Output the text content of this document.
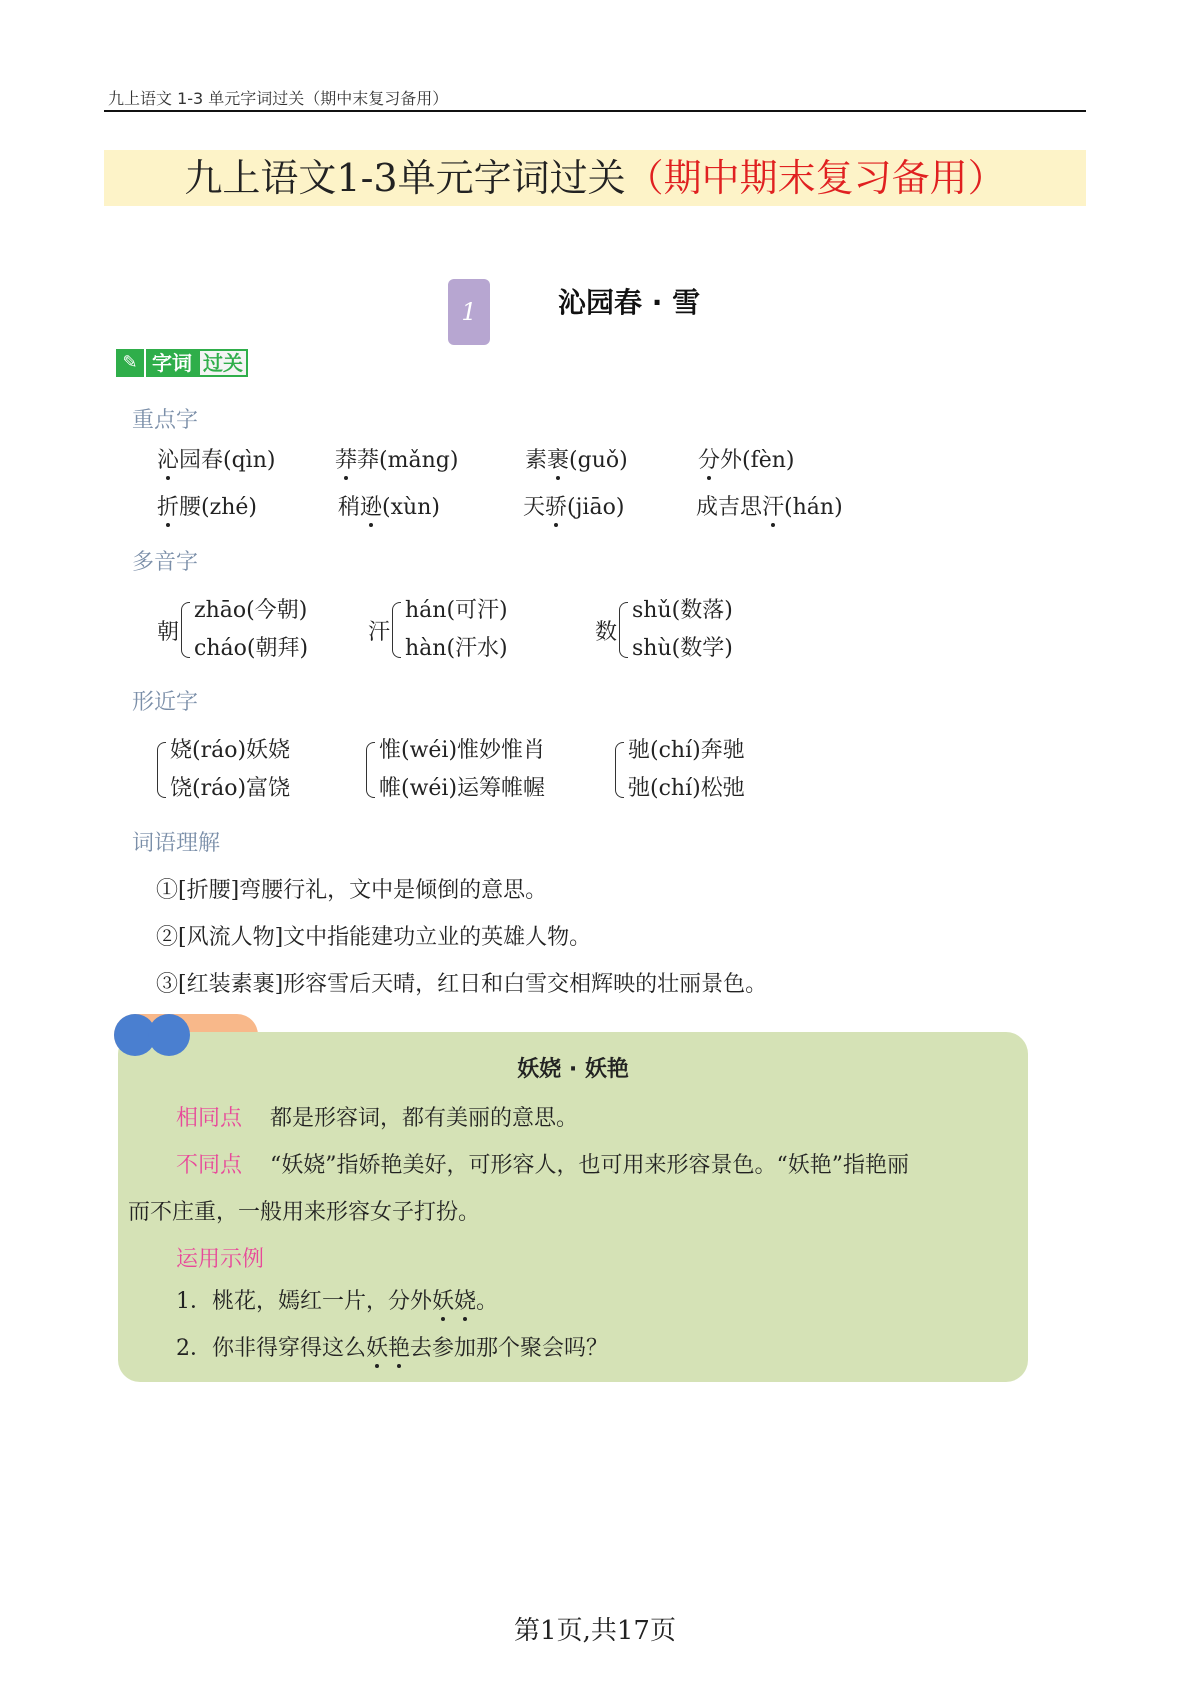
九上语文 1-3 单元字词过关（期中末复习备用）
九上语文1-3单元字词过关（期中期末复习备用）
1	沁园春 · 雪
✎ 字词 过关
重点字
沁园春(qìn)	莽莽(mǎng)	素裹(guǒ)	分外(fèn)
折腰(zhé)	稍逊(xùn)	天骄(jiāo)	成吉思汗(hán)
多音字
朝
zhāo(今朝)
cháo(朝拜)
汗
hán(可汗)
hàn(汗水)
数
shǔ(数落)
shù(数学)
形近字
娆(ráo)妖娆
饶(ráo)富饶
惟(wéi)惟妙惟肖
帷(wéi)运筹帷幄
驰(chí)奔驰
弛(chí)松弛
词语理解
①[折腰]弯腰行礼，文中是倾倒的意思。
②[风流人物]文中指能建功立业的英雄人物。
③[红装素裹]形容雪后天晴，红日和白雪交相辉映的壮丽景色。
妖娆 · 妖艳
相同点 都是形容词，都有美丽的意思。
不同点 “妖娆”指娇艳美好，可形容人，也可用来形容景色。“妖艳”指艳丽
而不庄重，一般用来形容女子打扮。
运用示例
1．桃花，嫣红一片，分外妖娆。
2．你非得穿得这么妖艳去参加那个聚会吗？
第1页,共17页
